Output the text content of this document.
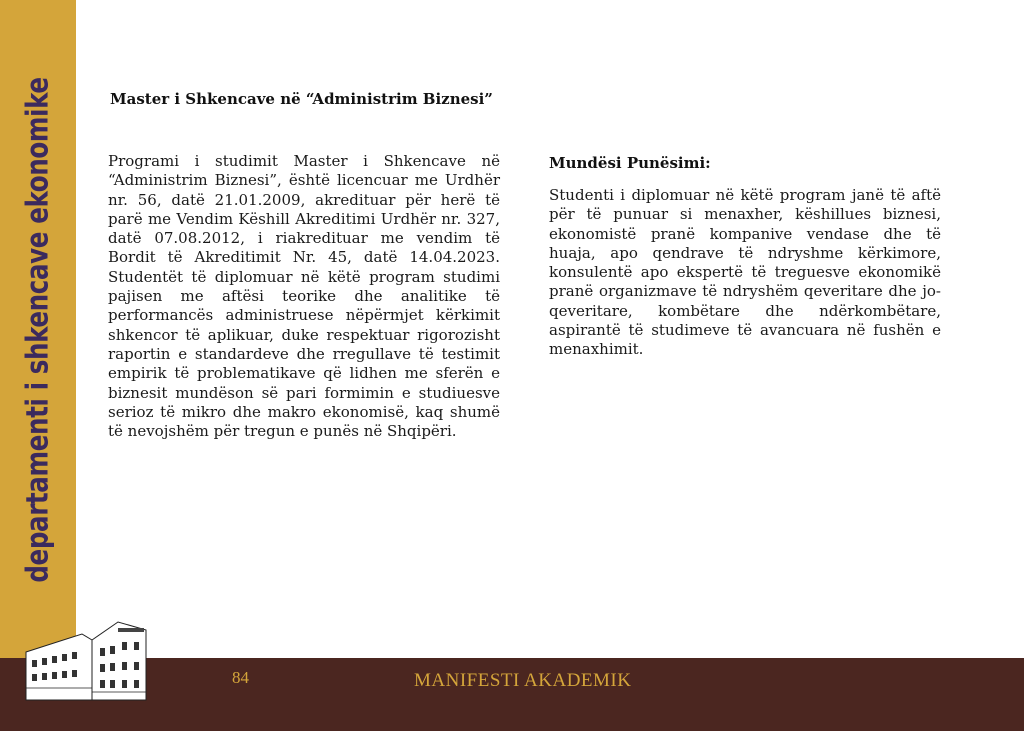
departamenti i shkencave ekonomike	Master i Shkencave në “Administrim Biznesi”
Programi i studimit Master i Shkencave në “Administrim Biznesi”, është licencuar me Urdhër nr. 56, datë 21.01.2009, akredituar për herë të parë me Vendim Këshill Akreditimi Urdhër nr. 327, datë 07.08.2012, i riakredituar me vendim të Bordit të Akreditimit Nr. 45, datë 14.04.2023. Studentët të diplomuar në këtë program studimi pajisen me aftësi teorike dhe analitike të performancës administruese nëpërmjet kërkimit shkencor të aplikuar, duke respektuar rigorozisht raportin e standardeve dhe rregullave të testimit empirik të problematikave që lidhen me sferën e biznesit mundëson së pari formimin e studiuesve serioz të mikro dhe makro ekonomisë, kaq shumë të nevojshëm për tregun e punës në Shqipëri.
Mundësi Punësimi:
Studenti i diplomuar në këtë program janë të aftë për të punuar si menaxher, këshillues biznesi, ekonomistë pranë kompanive vendase dhe të huaja, apo qendrave të ndryshme kërkimore, konsulentë apo ekspertë të treguesve ekonomikë pranë organizmave të ndryshëm qeveritare dhe jo-qeveritare, kombëtare dhe ndërkombëtare, aspirantë të studimeve të avancuara në fushën e menaxhimit.
84	MANIFESTI AKADEMIK
